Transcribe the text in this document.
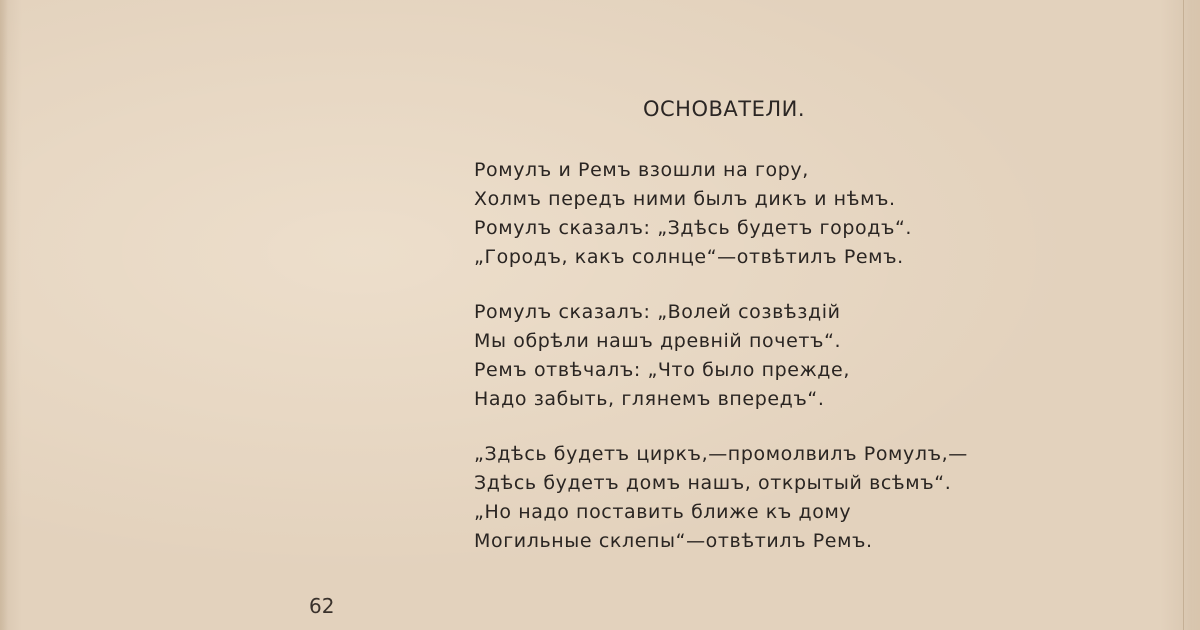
ОСНОВАТЕЛИ.
Ромулъ и Ремъ взошли на гору,
Холмъ передъ ними былъ дикъ и нѣмъ.
Ромулъ сказалъ: „Здѣсь будетъ городъ“.
„Городъ, какъ солнце“—отвѣтилъ Ремъ.
Ромулъ сказалъ: „Волей созвѣздій
Мы обрѣли нашъ древній почетъ“.
Ремъ отвѣчалъ: „Что было прежде,
Надо забыть, глянемъ впередъ“.
„Здѣсь будетъ циркъ,—промолвилъ Ромулъ,—
Здѣсь будетъ домъ нашъ, открытый всѣмъ“.
„Но надо поставить ближе къ дому
Могильные склепы“—отвѣтилъ Ремъ.
62
